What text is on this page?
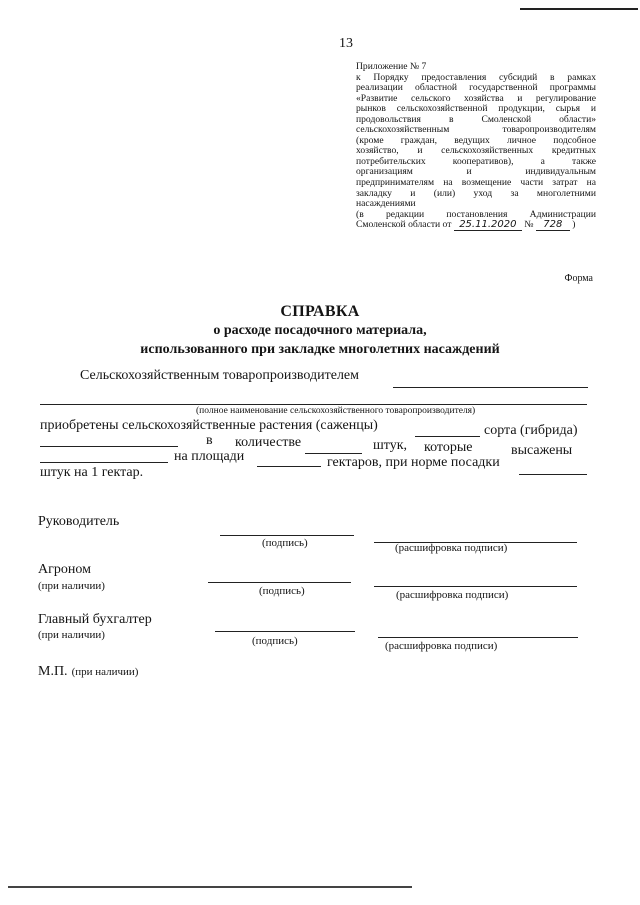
13
Приложение № 7
к Порядку предоставления субсидий в рамках
реализации областной государственной программы
«Развитие сельского хозяйства и регулирование
рынков сельскохозяйственной продукции, сырья и
продовольствия в Смоленской области»
сельскохозяйственным товаропроизводителям
(кроме граждан, ведущих личное подсобное
хозяйство, и сельскохозяйственных кредитных
потребительских кооперативов), а также
организациям и индивидуальным
предпринимателям на возмещение части затрат на
закладку и (или) уход за многолетними
насаждениями
(в редакции постановления Администрации
Смоленской области от 25.11.2020 № 728 )
Форма
СПРАВКА
о расходе посадочного материала,
использованного при закладке многолетних насаждений
Сельскохозяйственным товаропроизводителем
(полное наименование сельскохозяйственного товаропроизводителя)
приобретены сельскохозяйственные растения (саженцы)	сорта (гибрида)
в количестве	штук, которые	высажены
на площади	гектаров, при норме посадки
штук на 1 гектар.
Руководитель
(подпись)	(расшифровка подписи)
Агроном
(при наличии)	(подпись)	(расшифровка подписи)
Главный бухгалтер
(при наличии)	(подпись)	(расшифровка подписи)
М.П. (при наличии)
